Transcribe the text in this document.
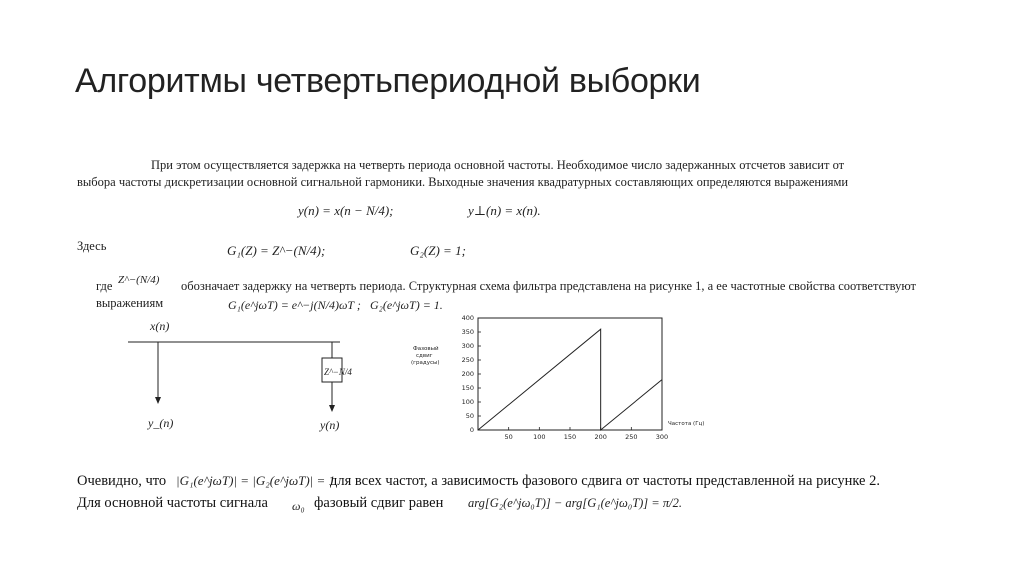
Алгоритмы четвертьпериодной выборки
При этом осуществляется задержка на четверть периода основной частоты. Необходимое число задержанных отсчетов зависит от
выбора частоты дискретизации основной сигнальной гармоники. Выходные значения квадратурных составляющих определяются выражениями
y(n) = x(n − N/4);	y⊥(n) = x(n).
Здесь	G₁(Z) = Z^−(N/4);	G₂(Z) = 1;
где Z^−(N/4) обозначает задержку на четверть периода. Структурная схема фильтра представлена на рисунке 1, а ее частотные свойства соответствуют
выражениям	G₁(e^jωT) = e^−j(N/4)ωT ; G₂(e^jωT) = 1.
x(n)
Z^−N/4
y_(n)	y(n)	0
50
100
150
200
250
300
350
400
50	100	150	200	250	300
Фазовый
сдвиг
(градусы)
Частота (Гц)
Очевидно, что |G₁(e^jωT)| = |G₂(e^jωT)| = 1
для всех частот, а зависимость фазового сдвига от частоты представленной на рисунке 2.
Для основной частоты сигнала ω₀ фазовый сдвиг равен arg[G₂(e^jω₀T)] − arg[G₁(e^jω₀T)] = π/2.
